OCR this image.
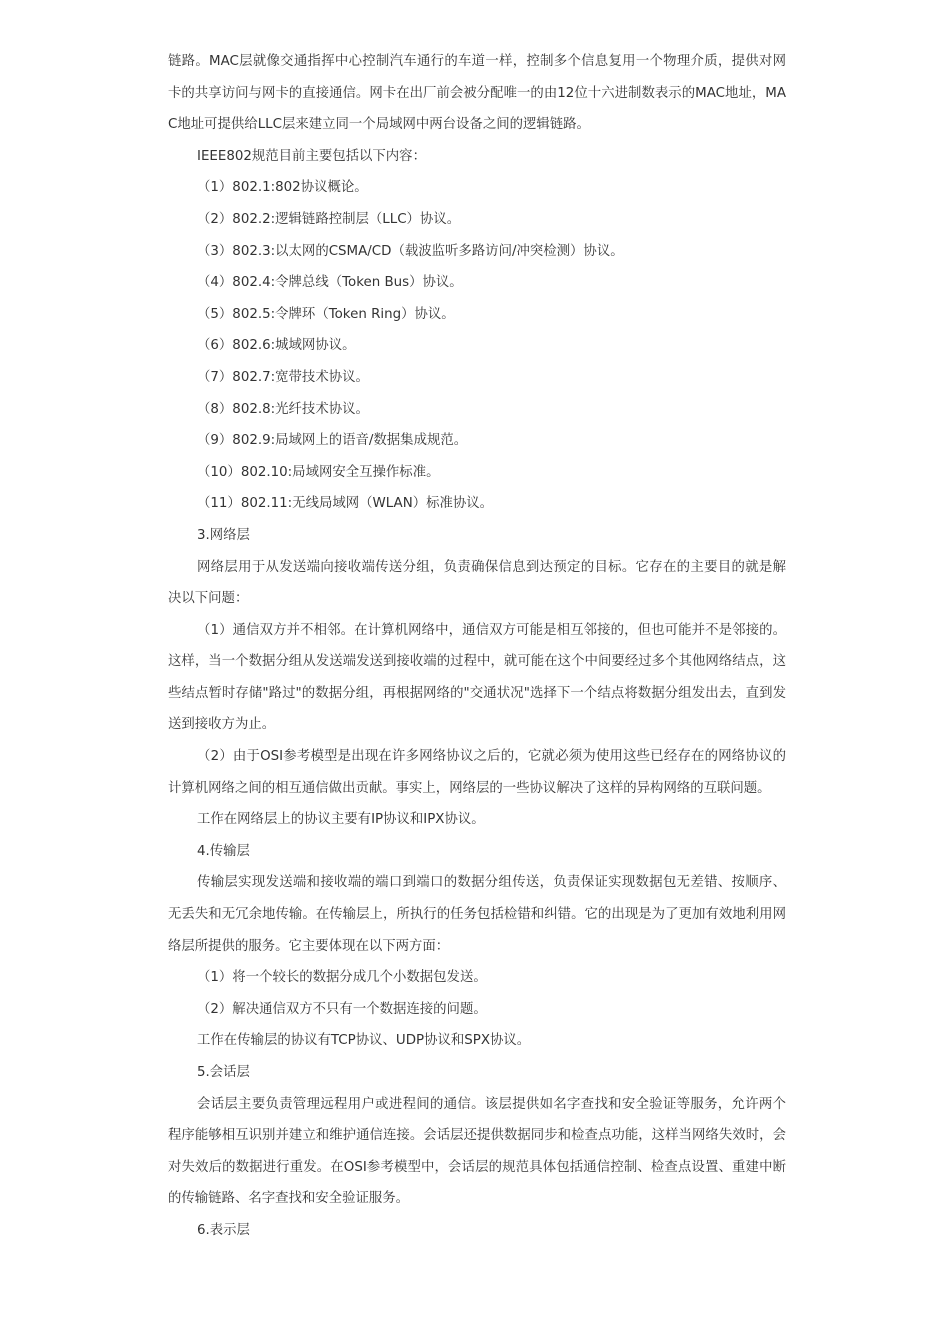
链路。MAC层就像交通指挥中心控制汽车通行的车道一样，控制多个信息复用一个物理介质，提供对网卡的共享访问与网卡的直接通信。网卡在出厂前会被分配唯一的由12位十六进制数表示的MAC地址，MAC地址可提供给LLC层来建立同一个局域网中两台设备之间的逻辑链路。

IEEE802规范目前主要包括以下内容：

（1）802.1:802协议概论。

（2）802.2:逻辑链路控制层（LLC）协议。

（3）802.3:以太网的CSMA/CD（载波监听多路访问/冲突检测）协议。

（4）802.4:令牌总线（Token Bus）协议。

（5）802.5:令牌环（Token Ring）协议。

（6）802.6:城域网协议。

（7）802.7:宽带技术协议。

（8）802.8:光纤技术协议。

（9）802.9:局域网上的语音/数据集成规范。

（10）802.10:局域网安全互操作标准。

（11）802.11:无线局域网（WLAN）标准协议。

3.网络层

网络层用于从发送端向接收端传送分组，负责确保信息到达预定的目标。它存在的主要目的就是解决以下问题：

（1）通信双方并不相邻。在计算机网络中，通信双方可能是相互邻接的，但也可能并不是邻接的。这样，当一个数据分组从发送端发送到接收端的过程中，就可能在这个中间要经过多个其他网络结点，这些结点暂时存储"路过"的数据分组，再根据网络的"交通状况"选择下一个结点将数据分组发出去，直到发送到接收方为止。

（2）由于OSI参考模型是出现在许多网络协议之后的，它就必须为使用这些已经存在的网络协议的计算机网络之间的相互通信做出贡献。事实上，网络层的一些协议解决了这样的异构网络的互联问题。

工作在网络层上的协议主要有IP协议和IPX协议。

4.传输层

传输层实现发送端和接收端的端口到端口的数据分组传送，负责保证实现数据包无差错、按顺序、无丢失和无冗余地传输。在传输层上，所执行的任务包括检错和纠错。它的出现是为了更加有效地利用网络层所提供的服务。它主要体现在以下两方面：

（1）将一个较长的数据分成几个小数据包发送。

（2）解决通信双方不只有一个数据连接的问题。

工作在传输层的协议有TCP协议、UDP协议和SPX协议。

5.会话层

会话层主要负责管理远程用户或进程间的通信。该层提供如名字查找和安全验证等服务，允许两个程序能够相互识别并建立和维护通信连接。会话层还提供数据同步和检查点功能，这样当网络失效时，会对失效后的数据进行重发。在OSI参考模型中，会话层的规范具体包括通信控制、检查点设置、重建中断的传输链路、名字查找和安全验证服务。

6.表示层
